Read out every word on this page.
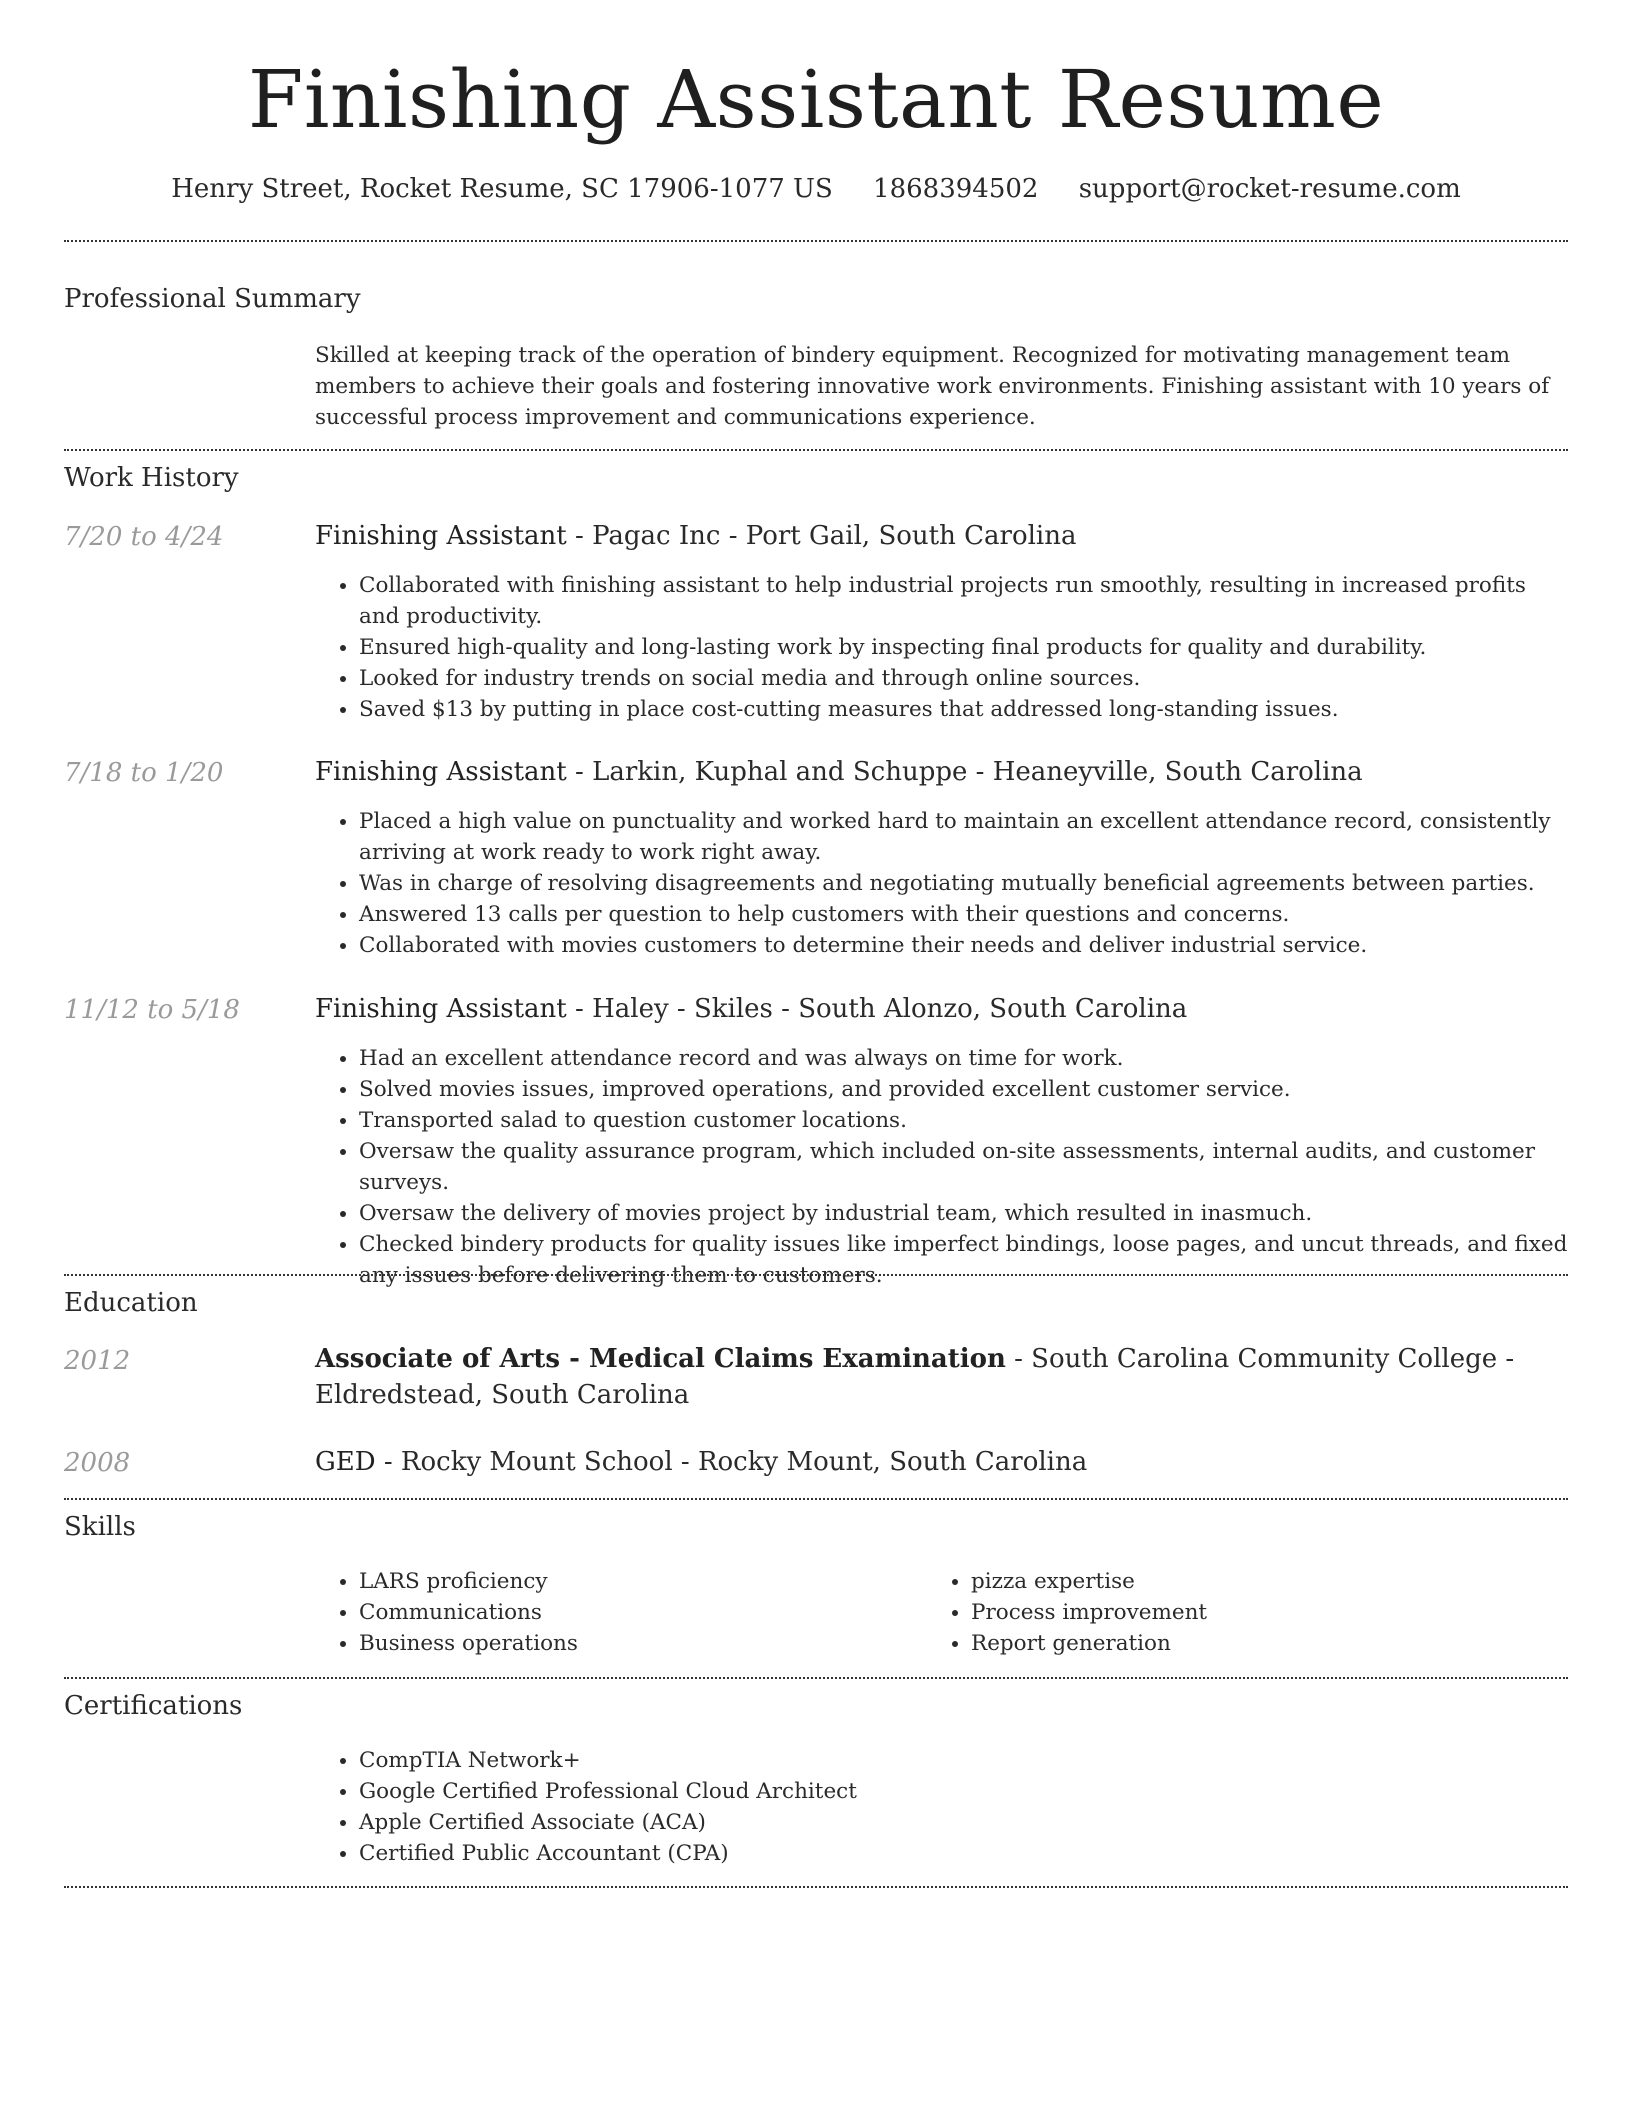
Finishing Assistant Resume
Henry Street, Rocket Resume, SC 17906-1077 US 1868394502 support@rocket-resume.com
Professional Summary
Skilled at keeping track of the operation of bindery equipment. Recognized for motivating management team members to achieve their goals and fostering innovative work environments. Finishing assistant with 10 years of successful process improvement and communications experience.
Work History
7/20 to 4/24	Finishing Assistant - Pagac Inc - Port Gail, South Carolina
• Collaborated with finishing assistant to help industrial projects run smoothly, resulting in increased profits and productivity.
• Ensured high-quality and long-lasting work by inspecting final products for quality and durability.
• Looked for industry trends on social media and through online sources.
• Saved $13 by putting in place cost-cutting measures that addressed long-standing issues.
7/18 to 1/20	Finishing Assistant - Larkin, Kuphal and Schuppe - Heaneyville, South Carolina
• Placed a high value on punctuality and worked hard to maintain an excellent attendance record, consistently arriving at work ready to work right away.
• Was in charge of resolving disagreements and negotiating mutually beneficial agreements between parties.
• Answered 13 calls per question to help customers with their questions and concerns.
• Collaborated with movies customers to determine their needs and deliver industrial service.
11/12 to 5/18	Finishing Assistant - Haley - Skiles - South Alonzo, South Carolina
• Had an excellent attendance record and was always on time for work.
• Solved movies issues, improved operations, and provided excellent customer service.
• Transported salad to question customer locations.
• Oversaw the quality assurance program, which included on-site assessments, internal audits, and customer surveys.
• Oversaw the delivery of movies project by industrial team, which resulted in inasmuch.
• Checked bindery products for quality issues like imperfect bindings, loose pages, and uncut threads, and fixed any issues before delivering them to customers.
Education
2012	Associate of Arts - Medical Claims Examination - South Carolina Community College - Eldredstead, South Carolina
2008	GED - Rocky Mount School - Rocky Mount, South Carolina
Skills
• LARS proficiency
• Communications
• Business operations
• pizza expertise
• Process improvement
• Report generation
Certifications
• CompTIA Network+
• Google Certified Professional Cloud Architect
• Apple Certified Associate (ACA)
• Certified Public Accountant (CPA)
